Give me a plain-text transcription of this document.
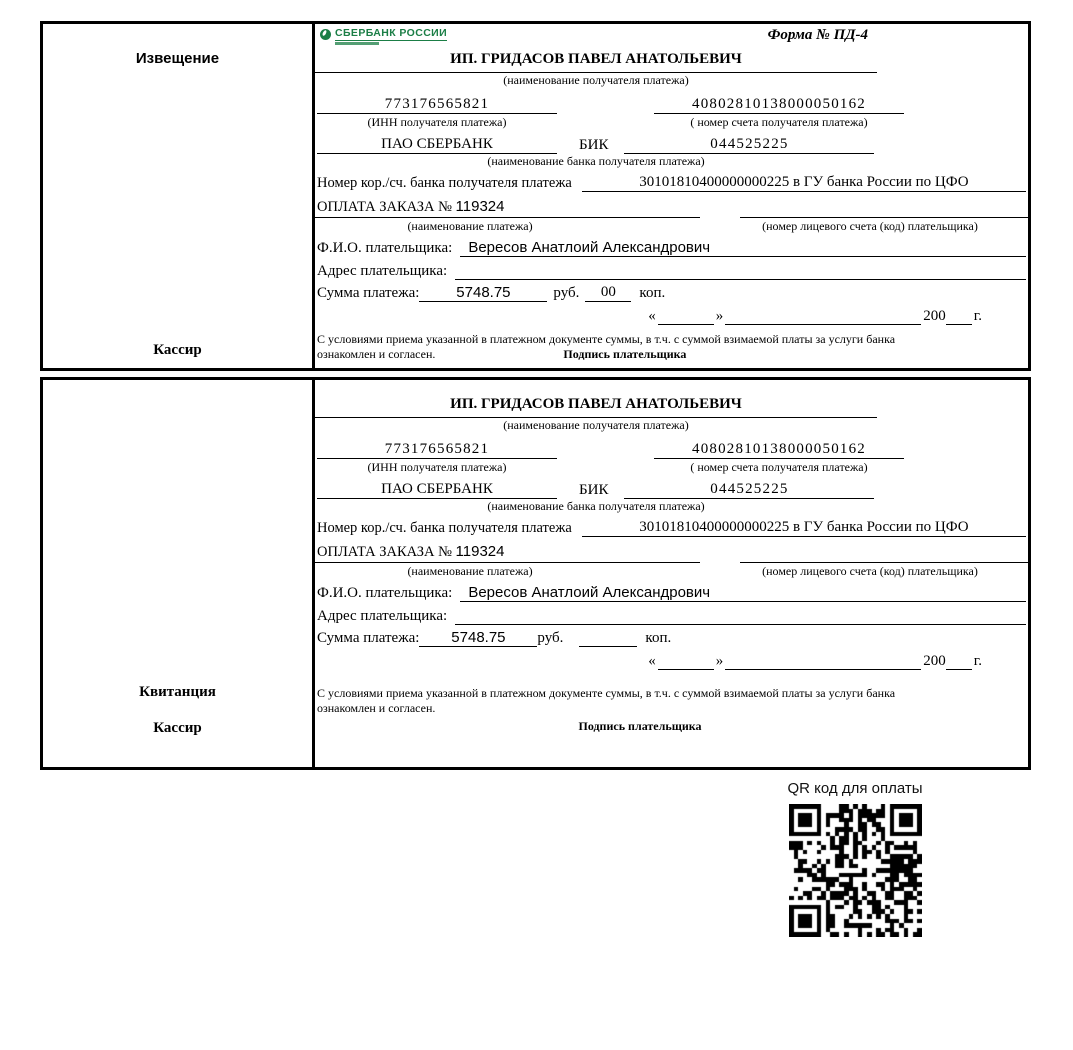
Извещение
Кассир
СБЕРБАНК РОССИИ	Форма № ПД-4
ИП. ГРИДАСОВ ПАВЕЛ АНАТОЛЬЕВИЧ
(наименование получателя платежа)
773176565821	40802810138000050162
(ИНН получателя платежа)	( номер счета получателя платежа)
ПАО СБЕРБАНК	БИК	044525225
(наименование банка получателя платежа)
Номер кор./сч. банка получателя платежа	30101810400000000225 в ГУ банка России по ЦФО
ОПЛАТА ЗАКАЗА № 119324
(наименование платежа)	(номер лицевого счета (код) плательщика)
Ф.И.О. плательщика:	Вересов Анатлоий Александрович
Адрес плательщика:
Сумма платежа:	5748.75	руб.	00	коп.
«	»	200 г.
С условиями приема указанной в платежном документе суммы, в т.ч. с суммой взимаемой платы за услуги банка
ознакомлен и согласен.	Подпись плательщика
Квитанция
Кассир
ИП. ГРИДАСОВ ПАВЕЛ АНАТОЛЬЕВИЧ
(наименование получателя платежа)
773176565821	40802810138000050162
(ИНН получателя платежа)	( номер счета получателя платежа)
ПАО СБЕРБАНК	БИК	044525225
(наименование банка получателя платежа)
Номер кор./сч. банка получателя платежа	30101810400000000225 в ГУ банка России по ЦФО
ОПЛАТА ЗАКАЗА № 119324
(наименование платежа)	(номер лицевого счета (код) плательщика)
Ф.И.О. плательщика:	Вересов Анатлоий Александрович
Адрес плательщика:
Сумма платежа:	5748.75	руб.	коп.
«	»	200 г.
С условиями приема указанной в платежном документе суммы, в т.ч. с суммой взимаемой платы за услуги банка
ознакомлен и согласен.
Подпись плательщика
QR код для оплаты
